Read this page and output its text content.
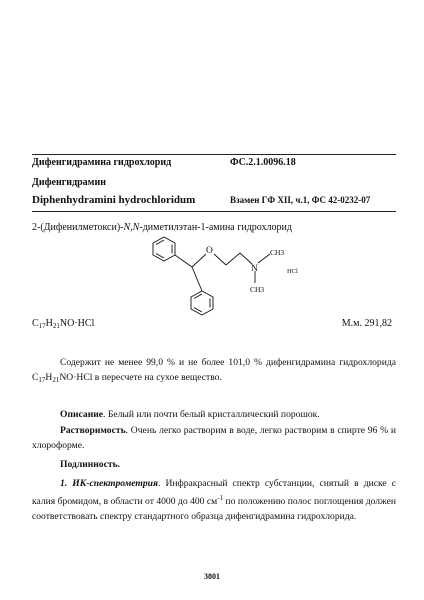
Дифенгидрамина гидрохлорид	ФС.2.1.0096.18
Дифенгидрамин
Diphenhydramini hydrochloridum	Взамен ГФ XII, ч.1, ФС 42-0232-07
2-(Дифенилметокси)-N,N-диметилэтан-1-амина гидрохлорид
O
N
CH3
CH3
HCl
$C_{17}H_{21}NO\cdot HCl$	М.м. 291,82
Содержит не менее 99,0 % и не более 101,0 % дифенгидрамина гидрохлорида $C_{17}H_{21}NO\cdot HCl$ в пересчете на сухое вещество.
Описание. Белый или почти белый кристаллический порошок.
Растворимость. Очень легко растворим в воде, легко растворим в спирте 96 % и хлороформе.
Подлинность.
1. ИК-спектрометрия. Инфракрасный спектр субстанции, снятый в диске с калия бромидом, в области от 4000 до 400 $см^{-1}$ по положению полос поглощения должен соответствовать спектру стандартного образца дифенгидрамина гидрохлорида.
3801
